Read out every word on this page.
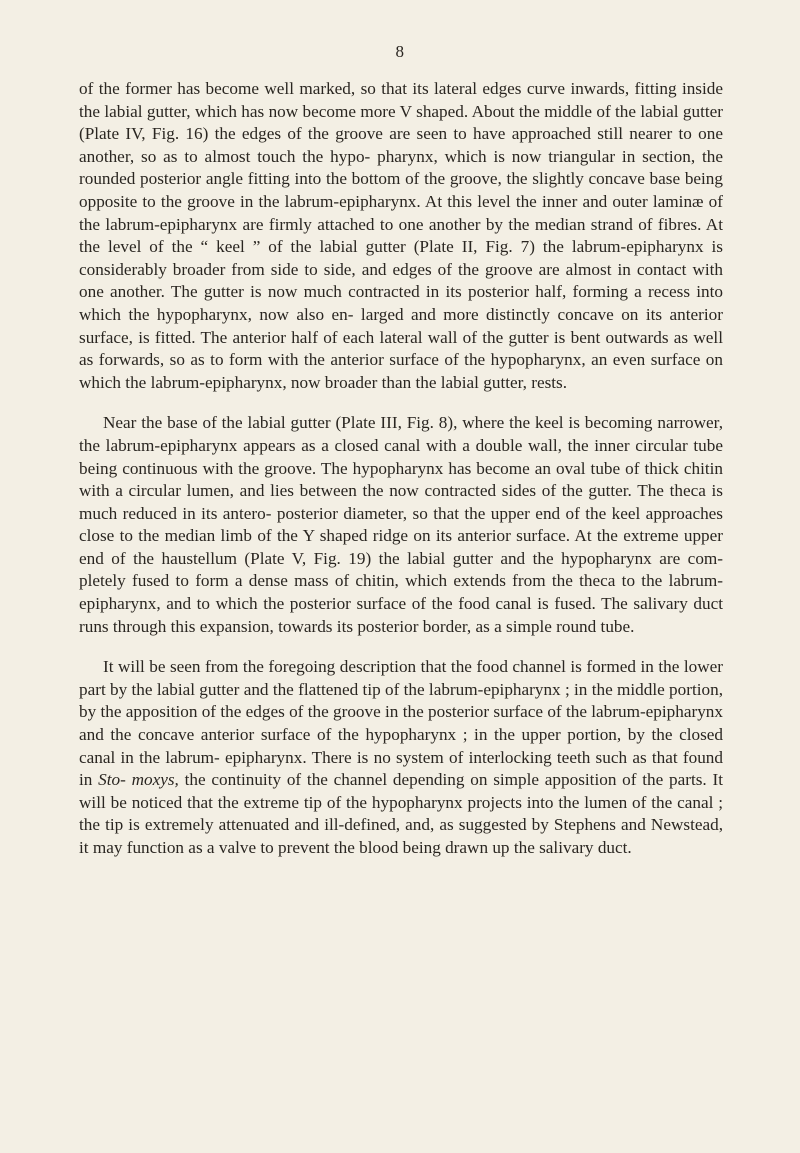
8

of the former has become well marked, so that its lateral edges curve inwards, fitting inside the labial gutter, which has now become more V shaped. About the middle of the labial gutter (Plate IV, Fig. 16) the edges of the groove are seen to have approached still nearer to one another, so as to almost touch the hypo- pharynx, which is now triangular in section, the rounded posterior angle fitting into the bottom of the groove, the slightly concave base being opposite to the groove in the labrum-epipharynx. At this level the inner and outer laminæ of the labrum-epipharynx are firmly attached to one another by the median strand of fibres. At the level of the “ keel ” of the labial gutter (Plate II, Fig. 7) the labrum-epipharynx is considerably broader from side to side, and edges of the groove are almost in contact with one another. The gutter is now much contracted in its posterior half, forming a recess into which the hypopharynx, now also en- larged and more distinctly concave on its anterior surface, is fitted. The anterior half of each lateral wall of the gutter is bent outwards as well as forwards, so as to form with the anterior surface of the hypopharynx, an even surface on which the labrum-epipharynx, now broader than the labial gutter, rests.

Near the base of the labial gutter (Plate III, Fig. 8), where the keel is becoming narrower, the labrum-epipharynx appears as a closed canal with a double wall, the inner circular tube being continuous with the groove. The hypopharynx has become an oval tube of thick chitin with a circular lumen, and lies between the now contracted sides of the gutter. The theca is much reduced in its antero- posterior diameter, so that the upper end of the keel approaches close to the median limb of the Y shaped ridge on its anterior surface. At the extreme upper end of the haustellum (Plate V, Fig. 19) the labial gutter and the hypopharynx are com- pletely fused to form a dense mass of chitin, which extends from the theca to the labrum-epipharynx, and to which the posterior surface of the food canal is fused. The salivary duct runs through this expansion, towards its posterior border, as a simple round tube.

It will be seen from the foregoing description that the food channel is formed in the lower part by the labial gutter and the flattened tip of the labrum-epipharynx ; in the middle portion, by the apposition of the edges of the groove in the posterior surface of the labrum-epipharynx and the concave anterior surface of the hypopharynx ; in the upper portion, by the closed canal in the labrum- epipharynx. There is no system of interlocking teeth such as that found in Sto- moxys, the continuity of the channel depending on simple apposition of the parts. It will be noticed that the extreme tip of the hypopharynx projects into the lumen of the canal ; the tip is extremely attenuated and ill-defined, and, as suggested by Stephens and Newstead, it may function as a valve to prevent the blood being drawn up the salivary duct.
